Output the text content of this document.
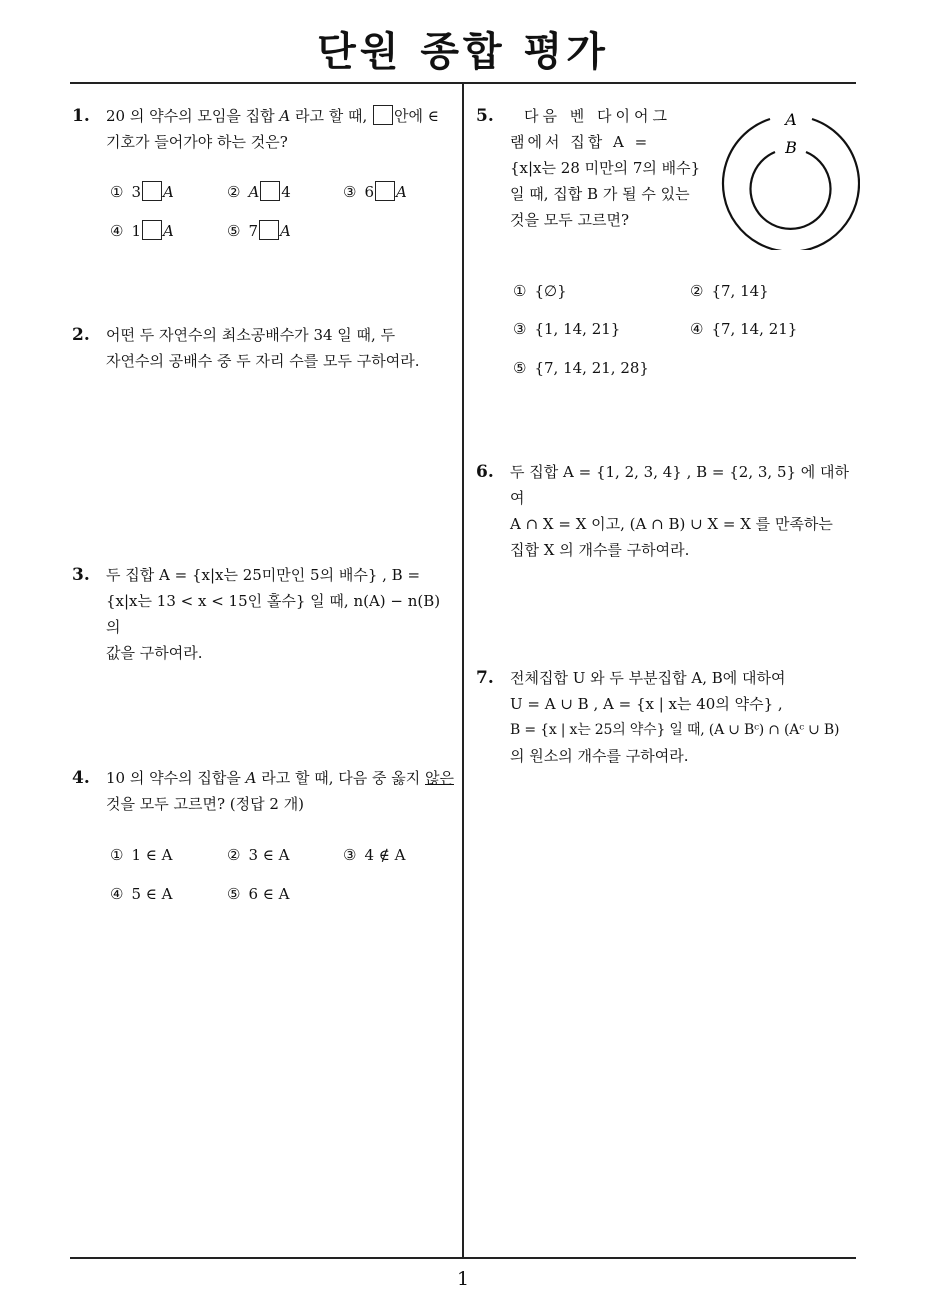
단원 종합 평가
1
1. 20 의 약수의 모임을 집합 A 라고 할 때, 안에 ∈
기호가 들어가야 하는 것은?
① 3 A	② A 4	③ 6 A
④ 1 A	⑤ 7 A
2. 어떤 두 자연수의 최소공배수가 34 일 때, 두
자연수의 공배수 중 두 자리 수를 모두 구하여라.
3. 두 집합 A = {x|x는 25미만인 5의 배수} , B =
{x|x는 13 < x < 15인 홀수} 일 때, n(A) − n(B) 의
값을 구하여라.
4. 10 의 약수의 집합을 A 라고 할 때, 다음 중 옳지 않은
것을 모두 고르면? (정답 2 개)
① 1 ∈ A	② 3 ∈ A	③ 4 ∉ A
④ 5 ∈ A	⑤ 6 ∈ A
5.	다음 벤 다이어그
램에서 집합 A =
{x|x는 28 미만의 7의 배수}
일 때, 집합 B 가 될 수 있는
것을 모두 고르면?
A
B
① {∅}	② {7, 14}
③ {1, 14, 21}	④ {7, 14, 21}
⑤ {7, 14, 21, 28}
6. 두 집합 A = {1, 2, 3, 4} , B = {2, 3, 5} 에 대하여
A ∩ X = X 이고, (A ∩ B) ∪ X = X 를 만족하는
집합 X 의 개수를 구하여라.
7. 전체집합 U 와 두 부분집합 A, B에 대하여
U = A ∪ B , A = {x | x는 40의 약수} ,
B = {x | x는 25의 약수} 일 때, (A ∪ Bᶜ) ∩ (Aᶜ ∪ B)
의 원소의 개수를 구하여라.
